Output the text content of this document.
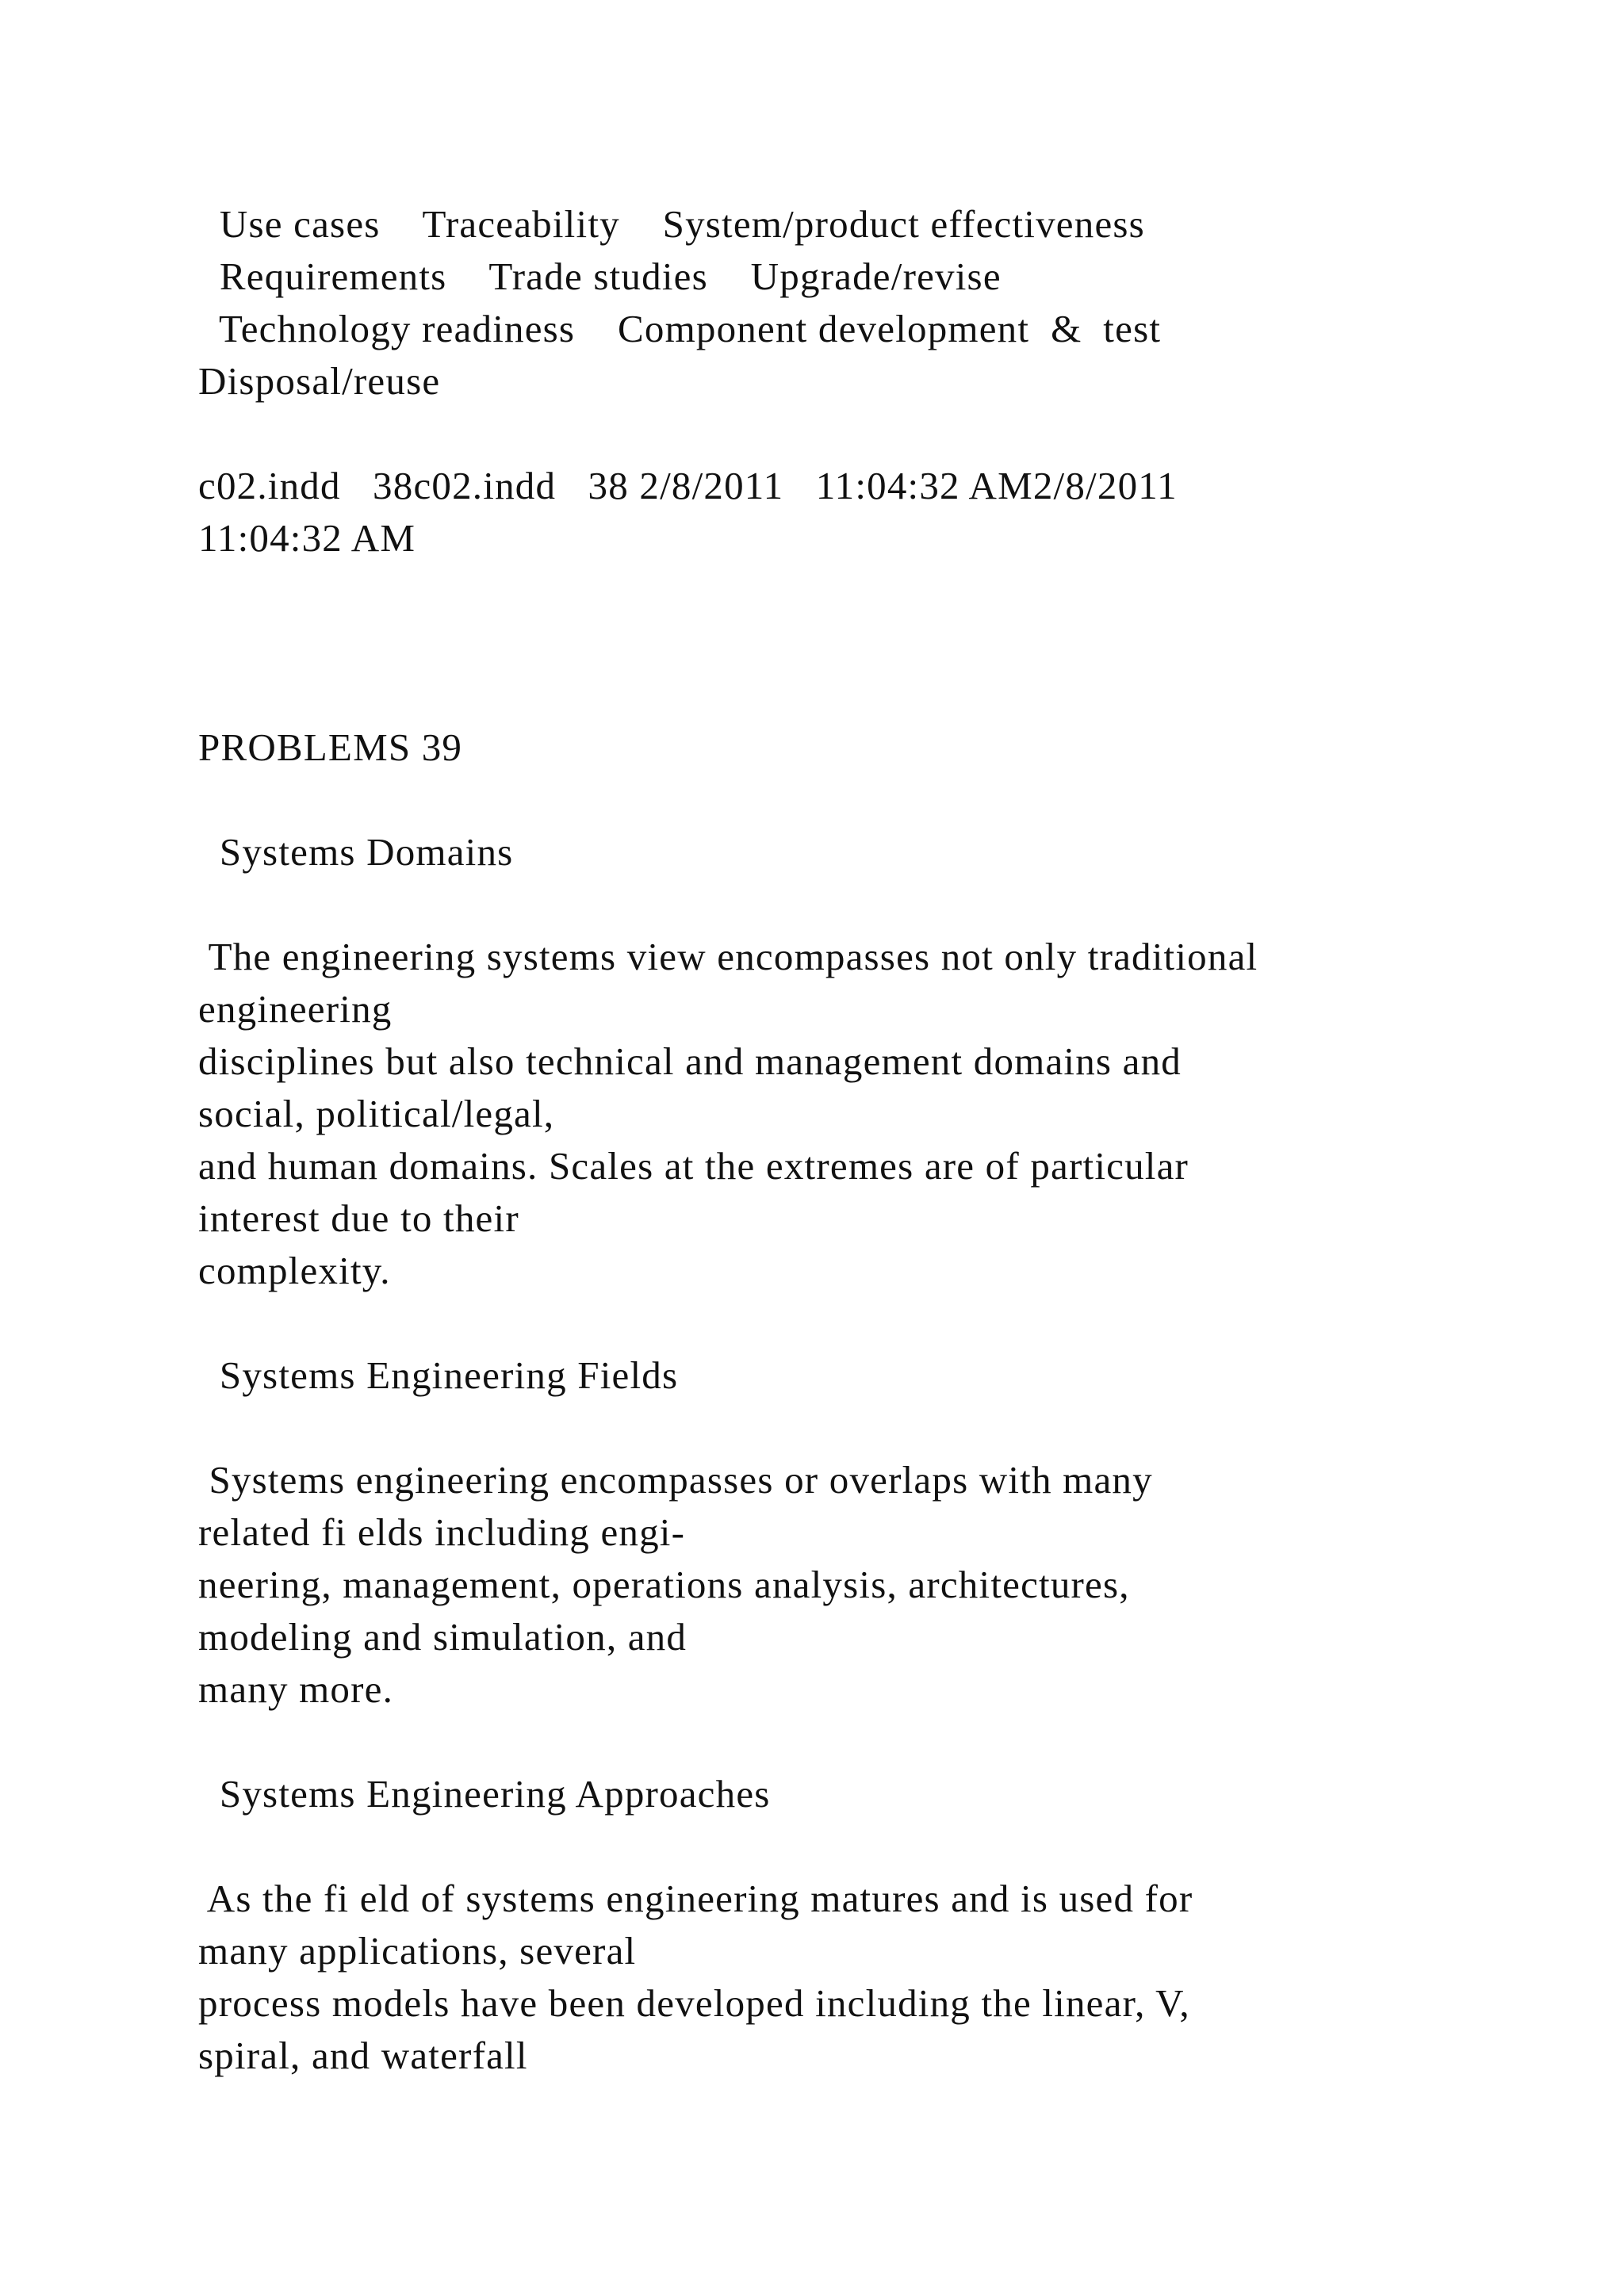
Use cases    Traceability    System/product effectiveness

Requirements    Trade studies    Upgrade/revise

Technology readiness    Component development  &  test

Disposal/reuse

c02.indd   38c02.indd   38 2/8/2011   11:04:32 AM2/8/2011

11:04:32 AM

PROBLEMS 39

Systems Domains

The engineering systems view encompasses not only traditional

engineering

disciplines but also technical and management domains and

social, political/legal,

and human domains. Scales at the extremes are of particular

interest due to their

complexity.

Systems Engineering Fields

Systems engineering encompasses or overlaps with many

related fi elds including engi-

neering, management, operations analysis, architectures,

modeling and simulation, and

many more.

Systems Engineering Approaches

As the fi eld of systems engineering matures and is used for

many applications, several

process models have been developed including the linear, V,

spiral, and waterfall
